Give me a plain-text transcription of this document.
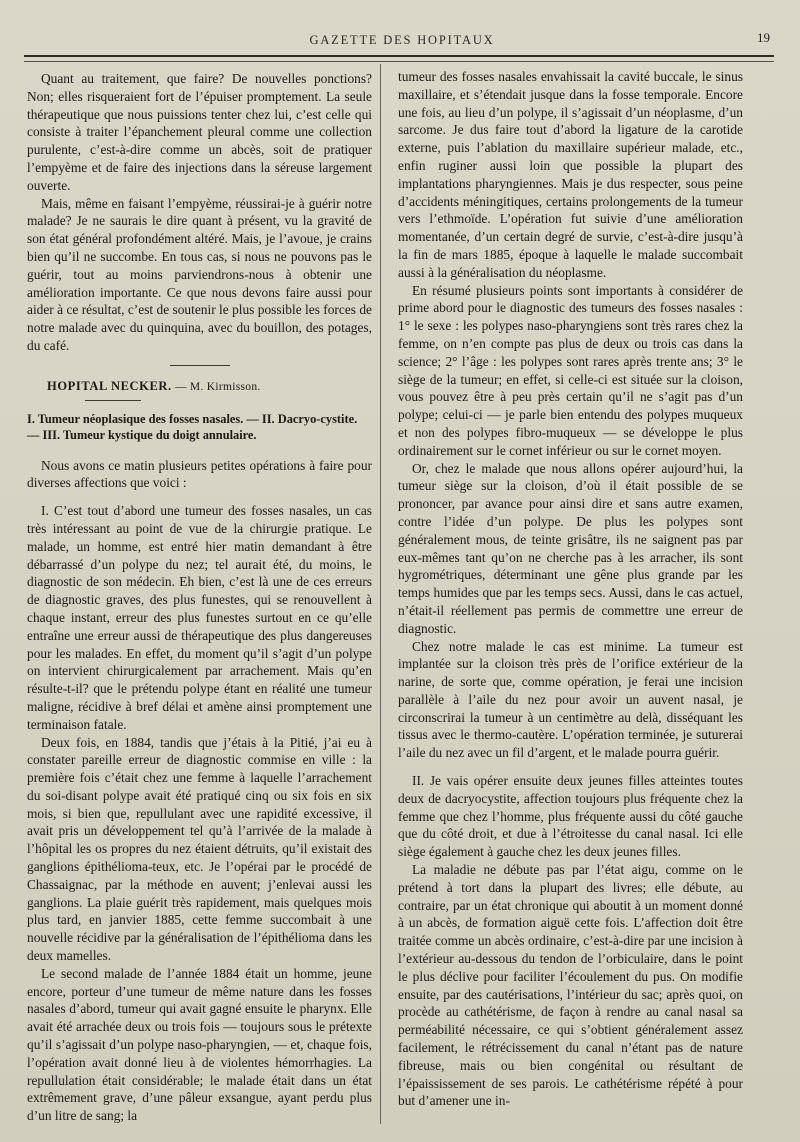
GAZETTE DES HOPITAUX	19

Quant au traitement, que faire? De nouvelles ponctions? Non; elles risqueraient fort de l’épuiser promptement. La seule thérapeutique que nous puissions tenter chez lui, c’est celle qui consiste à traiter l’épanchement pleural comme une collection purulente, c’est-à-dire comme un abcès, soit de pratiquer l’empyème et de faire des injections dans la séreuse largement ouverte.

Mais, même en faisant l’empyème, réussirai-je à guérir notre malade? Je ne saurais le dire quant à présent, vu la gravité de son état général profondément altéré. Mais, je l’avoue, je crains bien qu’il ne succombe. En tous cas, si nous ne pouvons pas le guérir, tout au moins parviendrons-nous à obtenir une amélioration importante. Ce que nous devons faire aussi pour aider à ce résultat, c’est de soutenir le plus possible les forces de notre malade avec du quinquina, avec du bouillon, des potages, du café.

HOPITAL NECKER. — M. Kirmisson.
I. Tumeur néoplasique des fosses nasales. — II. Dacryo-cystite. — III. Tumeur kystique du doigt annulaire.

Nous avons ce matin plusieurs petites opérations à faire pour diverses affections que voici :

I. C’est tout d’abord une tumeur des fosses nasales, un cas très intéressant au point de vue de la chirurgie pratique. Le malade, un homme, est entré hier matin demandant à être débarrassé d’un polype du nez; tel aurait été, du moins, le diagnostic de son médecin. Eh bien, c’est là une de ces erreurs de diagnostic graves, des plus funestes, qui se renouvellent à chaque instant, erreur des plus funestes surtout en ce qu’elle entraîne une erreur aussi de thérapeutique des plus dangereuses pour les malades. En effet, du moment qu’il s’agit d’un polype on intervient chirurgicalement par arrachement. Mais qu’en résulte-t-il? que le prétendu polype étant en réalité une tumeur maligne, récidive à bref délai et amène ainsi promptement une terminaison fatale.

Deux fois, en 1884, tandis que j’étais à la Pitié, j’ai eu à constater pareille erreur de diagnostic commise en ville : la première fois c’était chez une femme à laquelle l’arrachement du soi-disant polype avait été pratiqué cinq ou six fois en six mois, si bien que, repullulant avec une rapidité excessive, il avait pris un développement tel qu’à l’arrivée de la malade à l’hôpital les os propres du nez étaient détruits, qu’il existait des ganglions épithélioma-teux, etc. Je l’opérai par le procédé de Chassaignac, par la méthode en auvent; j’enlevai aussi les ganglions. La plaie guérit très rapidement, mais quelques mois plus tard, en janvier 1885, cette femme succombait à une nouvelle récidive par la généralisation de l’épithélioma dans les deux mamelles.

Le second malade de l’année 1884 était un homme, jeune encore, porteur d’une tumeur de même nature dans les fosses nasales d’abord, tumeur qui avait gagné ensuite le pharynx. Elle avait été arrachée deux ou trois fois — toujours sous le prétexte qu’il s’agissait d’un polype naso-pharyngien, — et, chaque fois, l’opération avait donné lieu à de violentes hémorrhagies. La repullulation était considérable; le malade était dans un état extrêmement grave, d’une pâleur exsangue, ayant perdu plus d’un litre de sang; la

tumeur des fosses nasales envahissait la cavité buccale, le sinus maxillaire, et s’étendait jusque dans la fosse temporale. Encore une fois, au lieu d’un polype, il s’agissait d’un néoplasme, d’un sarcome. Je dus faire tout d’abord la ligature de la carotide externe, puis l’ablation du maxillaire supérieur malade, etc., enfin ruginer aussi loin que possible la plupart des implantations pharyngiennes. Mais je dus respecter, sous peine d’accidents méningitiques, certains prolongements de la tumeur vers l’ethmoïde. L’opération fut suivie d’une amélioration momentanée, d’un certain degré de survie, c’est-à-dire jusqu’à la fin de mars 1885, époque à laquelle le malade succombait aussi à la généralisation du néoplasme.

En résumé plusieurs points sont importants à considérer de prime abord pour le diagnostic des tumeurs des fosses nasales : 1° le sexe : les polypes naso-pharyngiens sont très rares chez la femme, on n’en compte pas plus de deux ou trois cas dans la science; 2° l’âge : les polypes sont rares après trente ans; 3° le siège de la tumeur; en effet, si celle-ci est située sur la cloison, vous pouvez être à peu près certain qu’il ne s’agit pas d’un polype; celui-ci — je parle bien entendu des polypes muqueux et non des polypes fibro-muqueux — se développe le plus ordinairement sur le cornet inférieur ou sur le cornet moyen.

Or, chez le malade que nous allons opérer aujourd’hui, la tumeur siège sur la cloison, d’où il était possible de se prononcer, par avance pour ainsi dire et sans autre examen, contre l’idée d’un polype. De plus les polypes sont généralement mous, de teinte grisâtre, ils ne saignent pas par eux-mêmes tant qu’on ne cherche pas à les arracher, ils sont hygrométriques, déterminant une gêne plus grande par les temps humides que par les temps secs. Aussi, dans le cas actuel, n’était-il réellement pas permis de commettre une erreur de diagnostic.

Chez notre malade le cas est minime. La tumeur est implantée sur la cloison très près de l’orifice extérieur de la narine, de sorte que, comme opération, je ferai une incision parallèle à l’aile du nez pour avoir un auvent nasal, je circonscrirai la tumeur à un centimètre au delà, disséquant les tissus avec le thermo-cautère. L’opération terminée, je suturerai l’aile du nez avec un fil d’argent, et le malade pourra guérir.

II. Je vais opérer ensuite deux jeunes filles atteintes toutes deux de dacryocystite, affection toujours plus fréquente chez la femme que chez l’homme, plus fréquente aussi du côté gauche que du côté droit, et due à l’étroitesse du canal nasal. Ici elle siège également à gauche chez les deux jeunes filles.

La maladie ne débute pas par l’état aigu, comme on le prétend à tort dans la plupart des livres; elle débute, au contraire, par un état chronique qui aboutit à un moment donné à un abcès, de formation aiguë cette fois. L’affection doit être traitée comme un abcès ordinaire, c’est-à-dire par une incision à l’extérieur au-dessous du tendon de l’orbiculaire, dans le point le plus déclive pour faciliter l’écoulement du pus. On modifie ensuite, par des cautérisations, l’intérieur du sac; après quoi, on procède au cathétérisme, de façon à rendre au canal nasal sa perméabilité nécessaire, ce qui s’obtient généralement assez facilement, le rétrécissement du canal n’étant pas de nature fibreuse, mais ou bien congénital ou résultant de l’épaississement de ses parois. Le cathétérisme répété à pour but d’amener une in-
